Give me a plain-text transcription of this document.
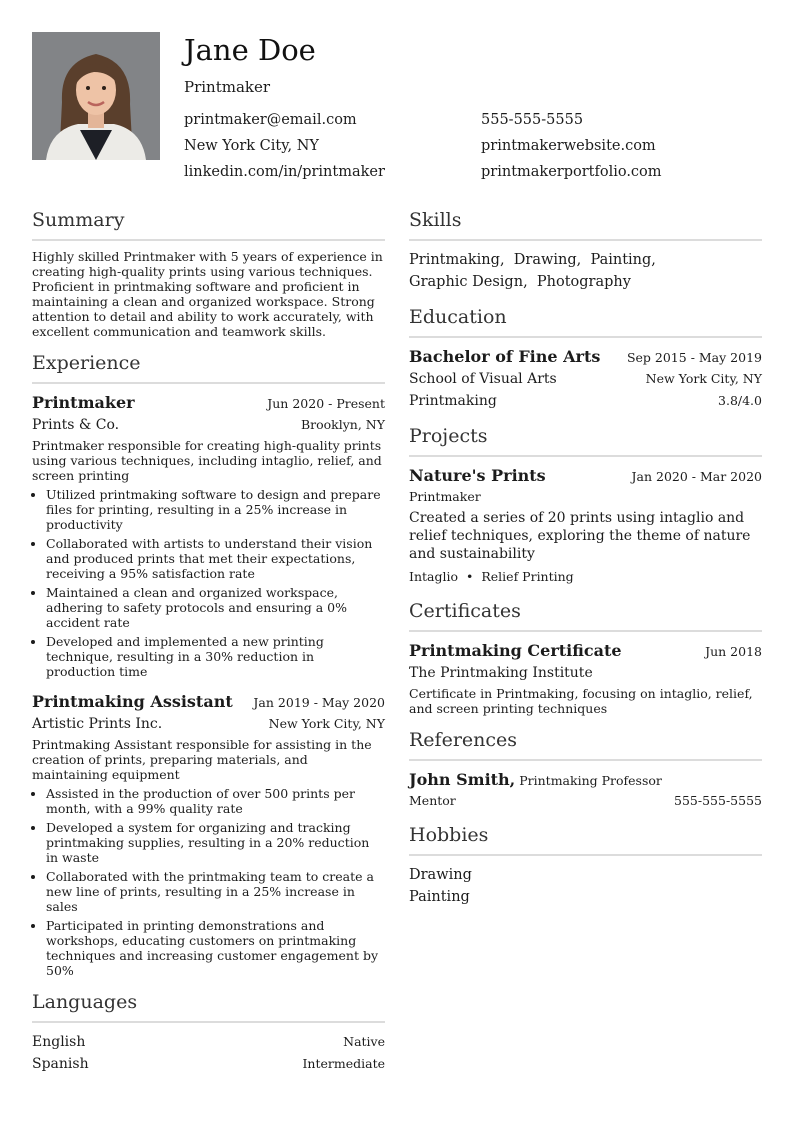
Jane Doe
Printmaker
printmaker@email.com	555-555-5555
New York City, NY	printmakerwebsite.com
linkedin.com/in/printmaker	printmakerportfolio.com
Summary

Highly skilled Printmaker with 5 years of experience in creating high-quality prints using various techniques. Proficient in printmaking software and proficient in maintaining a clean and organized workspace. Strong attention to detail and ability to work accurately, with excellent communication and teamwork skills.

Experience
Printmaker	Jun 2020 - Present
Prints & Co.	Brooklyn, NY

Printmaker responsible for creating high-quality prints using various techniques, including intaglio, relief, and screen printing

• Utilized printmaking software to design and prepare files for printing, resulting in a 25% increase in productivity
• Collaborated with artists to understand their vision and produced prints that met their expectations, receiving a 95% satisfaction rate
• Maintained a clean and organized workspace, adhering to safety protocols and ensuring a 0% accident rate
• Developed and implemented a new printing technique, resulting in a 30% reduction in production time
Printmaking Assistant Jan 2019 - May 2020
Artistic Prints Inc.	New York City, NY

Printmaking Assistant responsible for assisting in the creation of prints, preparing materials, and maintaining equipment

• Assisted in the production of over 500 prints per month, with a 99% quality rate
• Developed a system for organizing and tracking printmaking supplies, resulting in a 20% reduction in waste
• Collaborated with the printmaking team to create a new line of prints, resulting in a 25% increase in sales
• Participated in printing demonstrations and workshops, educating customers on printmaking techniques and increasing customer engagement by 50%
Languages
English	Native
Spanish	Intermediate
Skills
Printmaking , Drawing , Painting ,
Graphic Design , Photography
Education
Bachelor of Fine Arts Sep 2015 - May 2019
School of Visual Arts	New York City, NY
Printmaking	3.8/4.0
Projects
Nature's Prints	Jan 2020 - Mar 2020
Printmaker

Created a series of 20 prints using intaglio and relief techniques, exploring the theme of nature and sustainability

Intaglio • Relief Printing
Certificates
Printmaking Certificate	Jun 2018
The Printmaking Institute

Certificate in Printmaking, focusing on intaglio, relief, and screen printing techniques

References
John Smith, Printmaking Professor
Mentor	555-555-5555
Hobbies
Drawing
Painting
